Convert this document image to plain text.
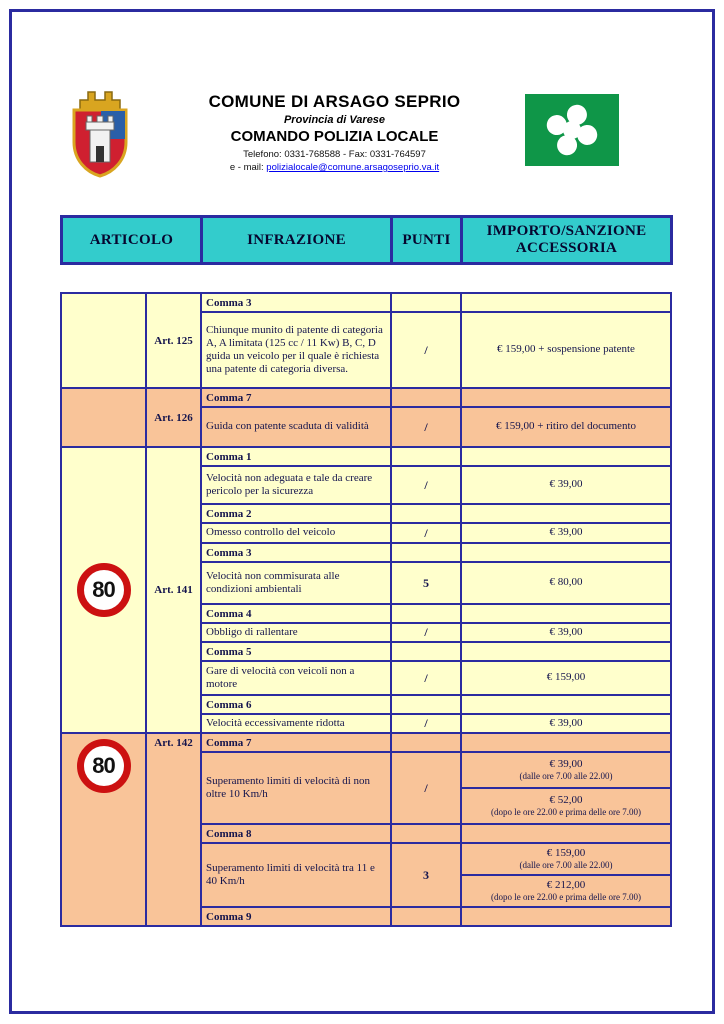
COMUNE DI ARSAGO SEPRIO
Provincia di Varese
COMANDO POLIZIA LOCALE
Telefono: 0331-768588 - Fax: 0331-764597
e - mail: polizialocale@comune.arsagoseprio.va.it
ARTICOLO	INFRAZIONE	PUNTI	IMPORTO/SANZIONE ACCESSORIA
	Art. 125	Comma 3		
		Chiunque munito di patente di categoria A, A limitata (125 cc / 11 Kw) B, C, D guida un veicolo per il quale è richiesta una patente di categoria diversa.	/	€ 159,00 + sospensione patente
	Art. 126	Comma 7		
		Guida con patente scaduta di validità	/	€ 159,00 + ritiro del documento

80	Art. 141	Comma 1		
		Velocità non adeguata e tale da creare pericolo per la sicurezza	/	€ 39,00
		Comma 2		
		Omesso controllo del veicolo	/	€ 39,00
		Comma 3		
		Velocità non commisurata alle condizioni ambientali	5	€ 80,00
		Comma 4		
		Obbligo di rallentare	/	€ 39,00
		Comma 5		
		Gare di velocità con veicoli non a motore	/	€ 159,00
		Comma 6		
		Velocità eccessivamente ridotta	/	€ 39,00

80	Art. 142	Comma 7		
		Superamento limiti di velocità di non oltre 10 Km/h	/	€ 39,00
(dalle ore 7.00 alle 22.00)

				€ 52,00
(dopo le ore 22.00 e prima delle ore 7.00)

		Comma 8		
		Superamento limiti di velocità tra 11 e 40 Km/h	3	€ 159,00
(dalle ore 7.00 alle 22.00)

				€ 212,00
(dopo le ore 22.00 e prima delle ore 7.00)

		Comma 9		
